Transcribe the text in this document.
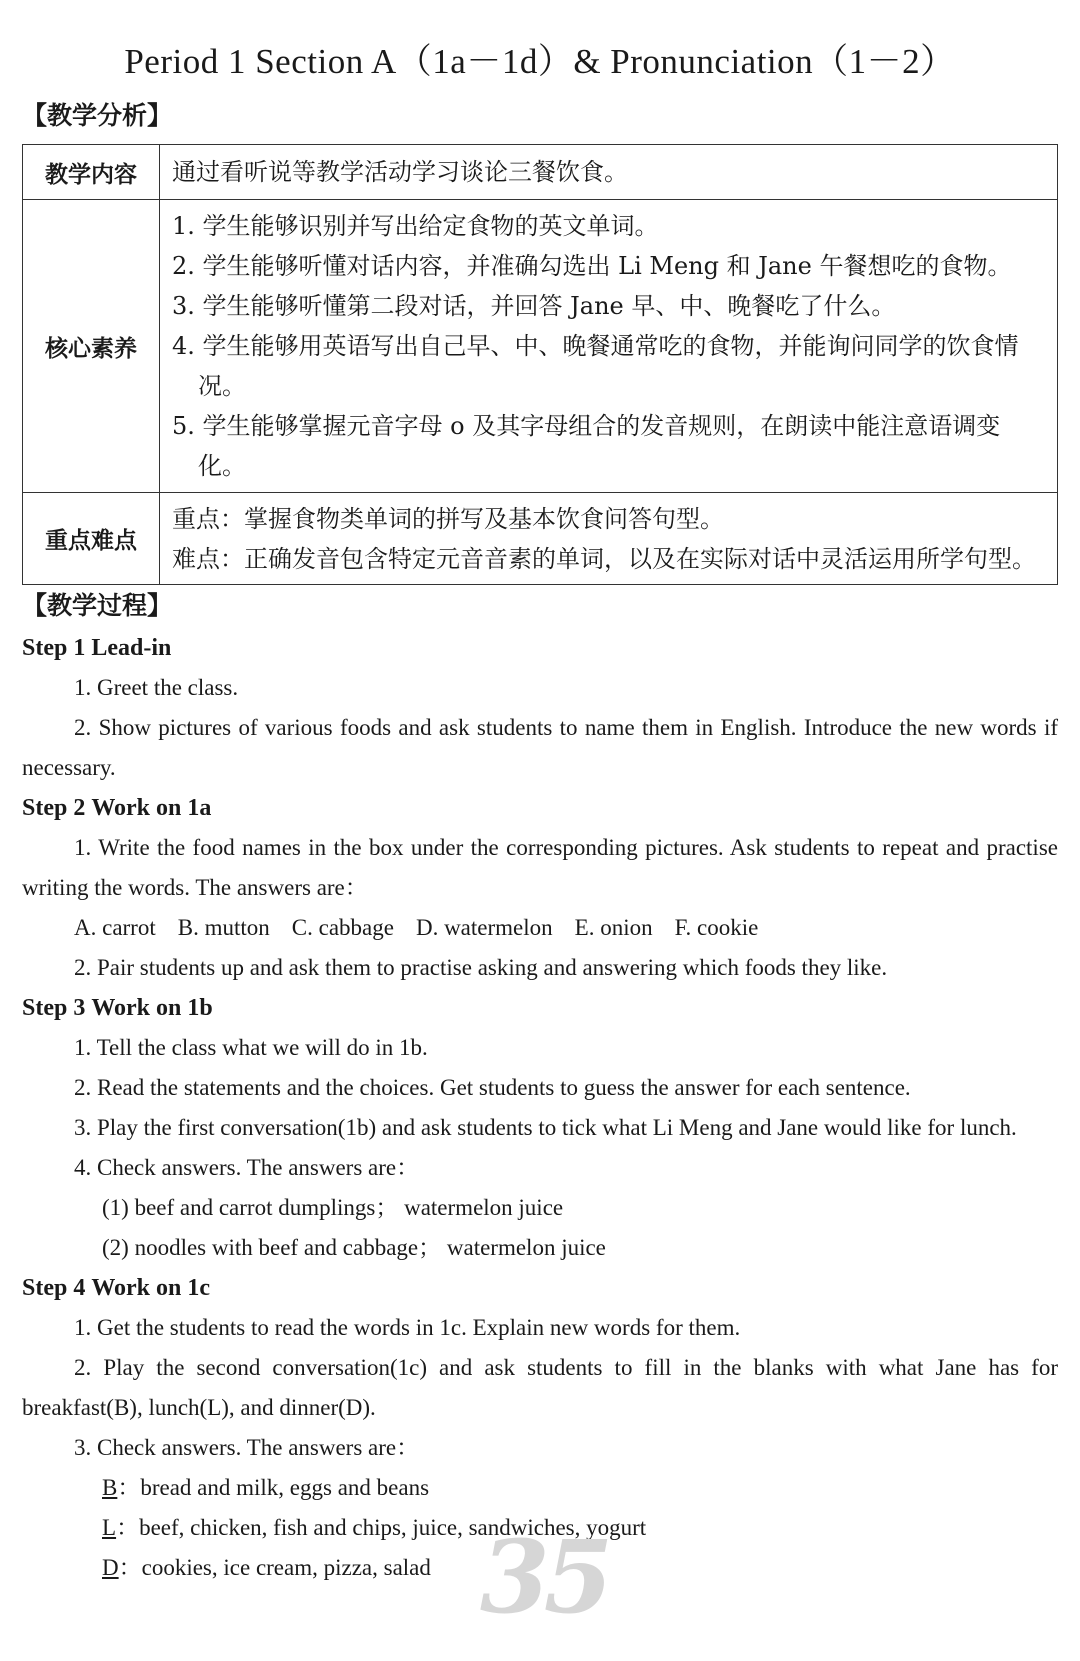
Period 1 Section A（1a－1d）& Pronunciation（1－2）
【教学分析】
教学内容	通过看听说等教学活动学习谈论三餐饮食。
核心素养	1. 学生能够识别并写出给定食物的英文单词。
2. 学生能够听懂对话内容，并准确勾选出 Li Meng 和 Jane 午餐想吃的食物。
3. 学生能够听懂第二段对话，并回答 Jane 早、中、晚餐吃了什么。
4. 学生能够用英语写出自己早、中、晚餐通常吃的食物，并能询问同学的饮食情况。
5. 学生能够掌握元音字母 o 及其字母组合的发音规则，在朗读中能注意语调变化。

重点难点	重点：掌握食物类单词的拼写及基本饮食问答句型。
难点：正确发音包含特定元音音素的单词，以及在实际对话中灵活运用所学句型。
【教学过程】
Step 1 Lead-in

1. Greet the class.

2. Show pictures of various foods and ask students to name them in English. Introduce the new words if necessary.

Step 2 Work on 1a

1. Write the food names in the box under the corresponding pictures. Ask students to repeat and practise writing the words. The answers are：

A. carrot B. mutton C. cabbage D. watermelon E. onion F. cookie

2. Pair students up and ask them to practise asking and answering which foods they like.

Step 3 Work on 1b

1. Tell the class what we will do in 1b.

2. Read the statements and the choices. Get students to guess the answer for each sentence.

3. Play the first conversation(1b) and ask students to tick what Li Meng and Jane would like for lunch.

4. Check answers. The answers are：

(1) beef and carrot dumplings； watermelon juice

(2) noodles with beef and cabbage； watermelon juice

Step 4 Work on 1c

1. Get the students to read the words in 1c. Explain new words for them.

2. Play the second conversation(1c) and ask students to fill in the blanks with what Jane has for breakfast(B), lunch(L), and dinner(D).

3. Check answers. The answers are：

B：bread and milk, eggs and beans

L：beef, chicken, fish and chips, juice, sandwiches, yogurt

D：cookies, ice cream, pizza, salad 35
